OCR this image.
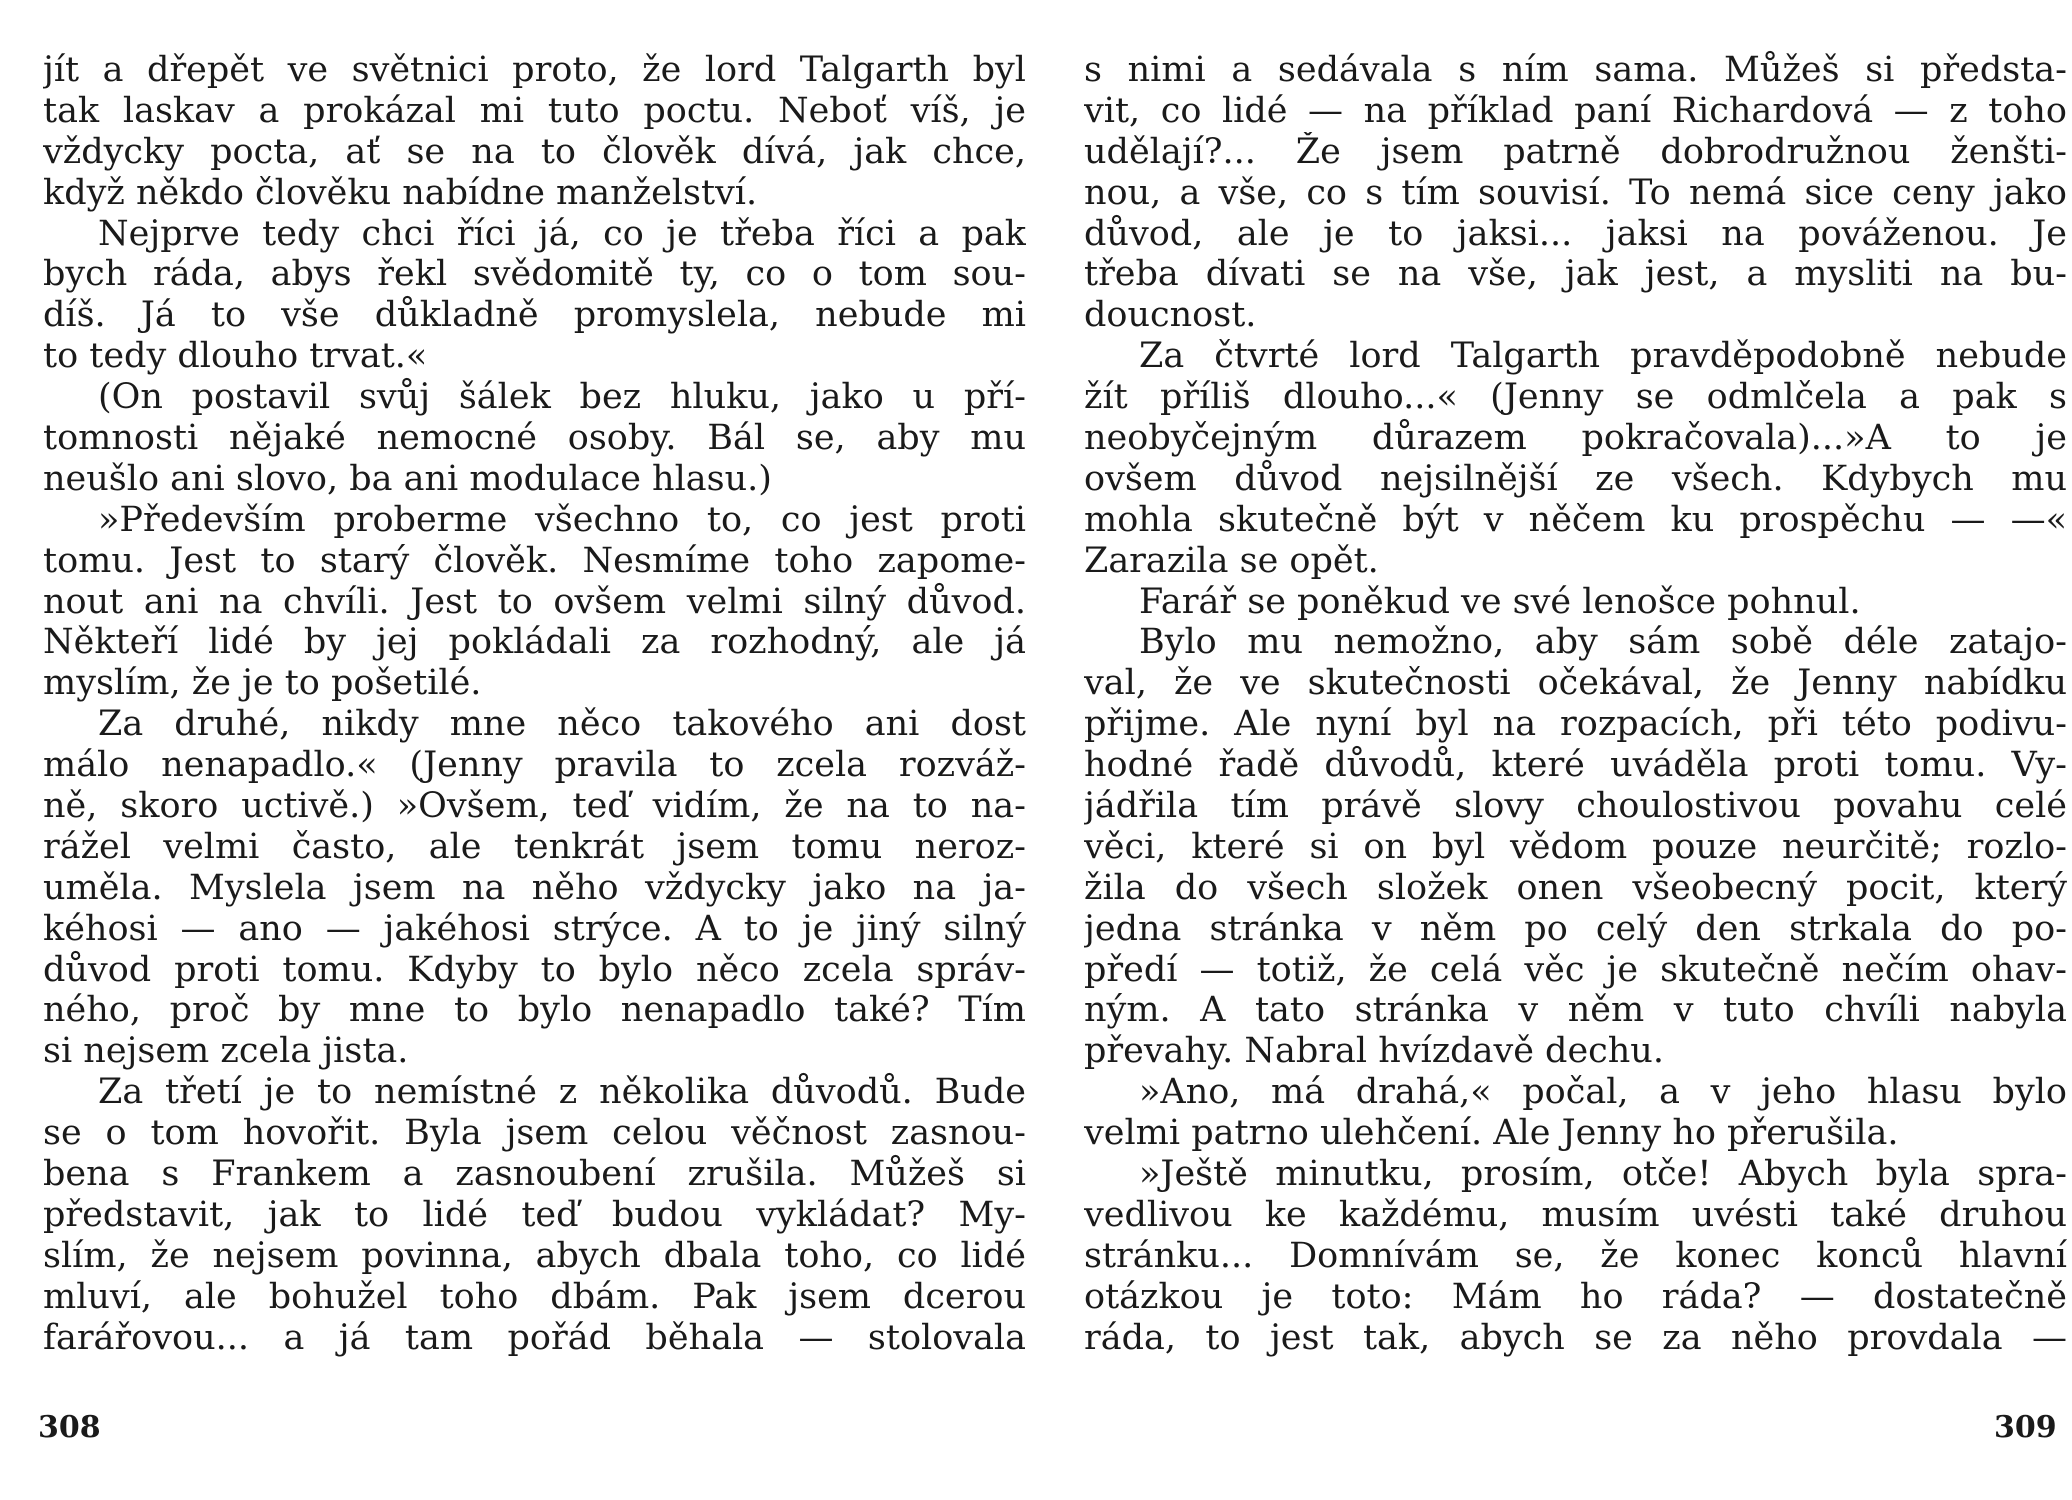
jít a dřepět ve světnici proto, že lord Talgarth byl
tak laskav a prokázal mi tuto poctu. Neboť víš, je
vždycky pocta, ať se na to člověk dívá, jak chce,
když někdo člověku nabídne manželství.
Nejprve tedy chci říci já, co je třeba říci a pak
bych ráda, abys řekl svědomitě ty, co o tom sou-
díš. Já to vše důkladně promyslela, nebude mi
to tedy dlouho trvat.«
(On postavil svůj šálek bez hluku, jako u pří-
tomnosti nějaké nemocné osoby. Bál se, aby mu
neušlo ani slovo, ba ani modulace hlasu.)
»Především proberme všechno to, co jest proti
tomu. Jest to starý člověk. Nesmíme toho zapome-
nout ani na chvíli. Jest to ovšem velmi silný důvod.
Někteří lidé by jej pokládali za rozhodný, ale já
myslím, že je to pošetilé.
Za druhé, nikdy mne něco takového ani dost
málo nenapadlo.« (Jenny pravila to zcela rozváž-
ně, skoro uctivě.) »Ovšem, teď vidím, že na to na-
rážel velmi často, ale tenkrát jsem tomu neroz-
uměla. Myslela jsem na něho vždycky jako na ja-
kéhosi — ano — jakéhosi strýce. A to je jiný silný
důvod proti tomu. Kdyby to bylo něco zcela správ-
ného, proč by mne to bylo nenapadlo také? Tím
si nejsem zcela jista.
Za třetí je to nemístné z několika důvodů. Bude
se o tom hovořit. Byla jsem celou věčnost zasnou-
bena s Frankem a zasnoubení zrušila. Můžeš si
představit, jak to lidé teď budou vykládat? My-
slím, že nejsem povinna, abych dbala toho, co lidé
mluví, ale bohužel toho dbám. Pak jsem dcerou
farářovou... a já tam pořád běhala — stolovala
s nimi a sedávala s ním sama. Můžeš si předsta-
vit, co lidé — na příklad paní Richardová — z toho
udělají?... Že jsem patrně dobrodružnou ženšti-
nou, a vše, co s tím souvisí. To nemá sice ceny jako
důvod, ale je to jaksi... jaksi na pováženou. Je
třeba dívati se na vše, jak jest, a mysliti na bu-
doucnost.
Za čtvrté lord Talgarth pravděpodobně nebude
žít příliš dlouho...« (Jenny se odmlčela a pak s
neobyčejným důrazem pokračovala)...»A to je
ovšem důvod nejsilnější ze všech. Kdybych mu
mohla skutečně být v něčem ku prospěchu — —«
Zarazila se opět.
Farář se poněkud ve své lenošce pohnul.
Bylo mu nemožno, aby sám sobě déle zatajo-
val, že ve skutečnosti očekával, že Jenny nabídku
přijme. Ale nyní byl na rozpacích, při této podivu-
hodné řadě důvodů, které uváděla proti tomu. Vy-
jádřila tím právě slovy choulostivou povahu celé
věci, které si on byl vědom pouze neurčitě; rozlo-
žila do všech složek onen všeobecný pocit, který
jedna stránka v něm po celý den strkala do po-
předí — totiž, že celá věc je skutečně nečím ohav-
ným. A tato stránka v něm v tuto chvíli nabyla
převahy. Nabral hvízdavě dechu.
»Ano, má drahá,« počal, a v jeho hlasu bylo
velmi patrno ulehčení. Ale Jenny ho přerušila.
»Ještě minutku, prosím, otče! Abych byla spra-
vedlivou ke každému, musím uvésti také druhou
stránku... Domnívám se, že konec konců hlavní
otázkou je toto: Mám ho ráda? — dostatečně
ráda, to jest tak, abych se za něho provdala —
308	309
